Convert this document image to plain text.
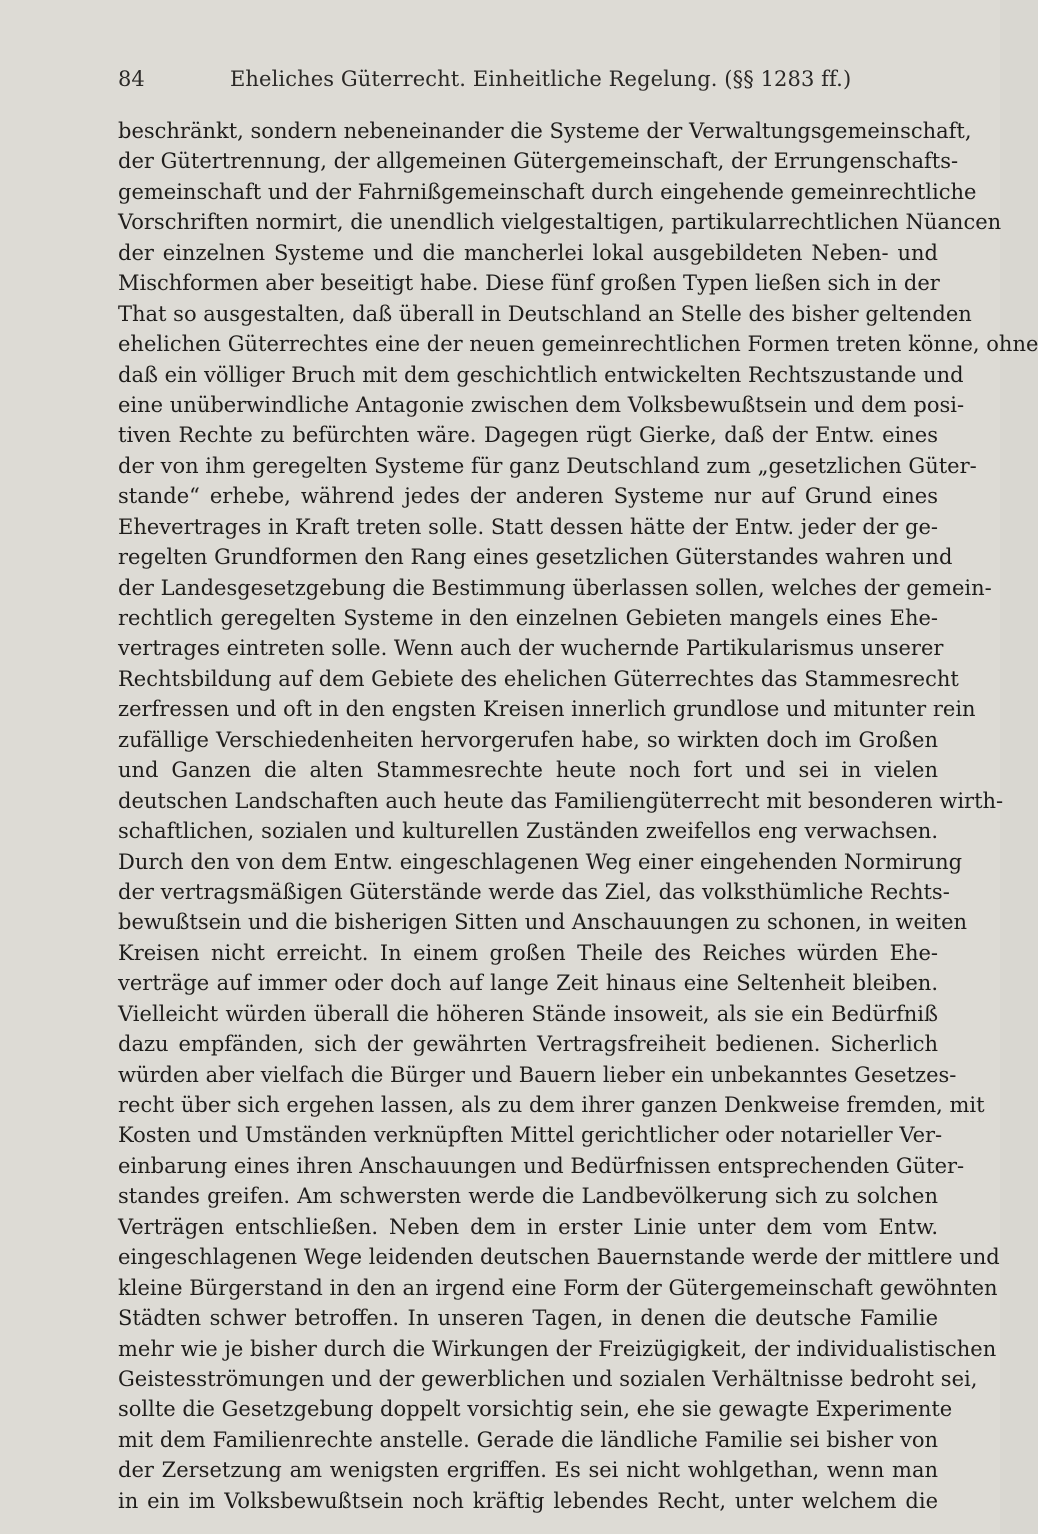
84	Eheliches Güterrecht. Einheitliche Regelung. (§§ 1283 ff.)
beschränkt, sondern nebeneinander die Systeme der Verwaltungsgemeinschaft,
der Gütertrennung, der allgemeinen Gütergemeinschaft, der Errungenschafts-
gemeinschaft und der Fahrnißgemeinschaft durch eingehende gemeinrechtliche
Vorschriften normirt, die unendlich vielgestaltigen, partikularrechtlichen Nüancen
der einzelnen Systeme und die mancherlei lokal ausgebildeten Neben- und
Mischformen aber beseitigt habe. Diese fünf großen Typen ließen sich in der
That so ausgestalten, daß überall in Deutschland an Stelle des bisher geltenden
ehelichen Güterrechtes eine der neuen gemeinrechtlichen Formen treten könne, ohne
daß ein völliger Bruch mit dem geschichtlich entwickelten Rechtszustande und
eine unüberwindliche Antagonie zwischen dem Volksbewußtsein und dem posi-
tiven Rechte zu befürchten wäre. Dagegen rügt Gierke, daß der Entw. eines
der von ihm geregelten Systeme für ganz Deutschland zum „gesetzlichen Güter-
stande“ erhebe, während jedes der anderen Systeme nur auf Grund eines
Ehevertrages in Kraft treten solle. Statt dessen hätte der Entw. jeder der ge-
regelten Grundformen den Rang eines gesetzlichen Güterstandes wahren und
der Landesgesetzgebung die Bestimmung überlassen sollen, welches der gemein-
rechtlich geregelten Systeme in den einzelnen Gebieten mangels eines Ehe-
vertrages eintreten solle. Wenn auch der wuchernde Partikularismus unserer
Rechtsbildung auf dem Gebiete des ehelichen Güterrechtes das Stammesrecht
zerfressen und oft in den engsten Kreisen innerlich grundlose und mitunter rein
zufällige Verschiedenheiten hervorgerufen habe, so wirkten doch im Großen
und Ganzen die alten Stammesrechte heute noch fort und sei in vielen
deutschen Landschaften auch heute das Familiengüterrecht mit besonderen wirth-
schaftlichen, sozialen und kulturellen Zuständen zweifellos eng verwachsen.
Durch den von dem Entw. eingeschlagenen Weg einer eingehenden Normirung
der vertragsmäßigen Güterstände werde das Ziel, das volksthümliche Rechts-
bewußtsein und die bisherigen Sitten und Anschauungen zu schonen, in weiten
Kreisen nicht erreicht. In einem großen Theile des Reiches würden Ehe-
verträge auf immer oder doch auf lange Zeit hinaus eine Seltenheit bleiben.
Vielleicht würden überall die höheren Stände insoweit, als sie ein Bedürfniß
dazu empfänden, sich der gewährten Vertragsfreiheit bedienen. Sicherlich
würden aber vielfach die Bürger und Bauern lieber ein unbekanntes Gesetzes-
recht über sich ergehen lassen, als zu dem ihrer ganzen Denkweise fremden, mit
Kosten und Umständen verknüpften Mittel gerichtlicher oder notarieller Ver-
einbarung eines ihren Anschauungen und Bedürfnissen entsprechenden Güter-
standes greifen. Am schwersten werde die Landbevölkerung sich zu solchen
Verträgen entschließen. Neben dem in erster Linie unter dem vom Entw.
eingeschlagenen Wege leidenden deutschen Bauernstande werde der mittlere und
kleine Bürgerstand in den an irgend eine Form der Gütergemeinschaft gewöhnten
Städten schwer betroffen. In unseren Tagen, in denen die deutsche Familie
mehr wie je bisher durch die Wirkungen der Freizügigkeit, der individualistischen
Geistesströmungen und der gewerblichen und sozialen Verhältnisse bedroht sei,
sollte die Gesetzgebung doppelt vorsichtig sein, ehe sie gewagte Experimente
mit dem Familienrechte anstelle. Gerade die ländliche Familie sei bisher von
der Zersetzung am wenigsten ergriffen. Es sei nicht wohlgethan, wenn man
in ein im Volksbewußtsein noch kräftig lebendes Recht, unter welchem die
